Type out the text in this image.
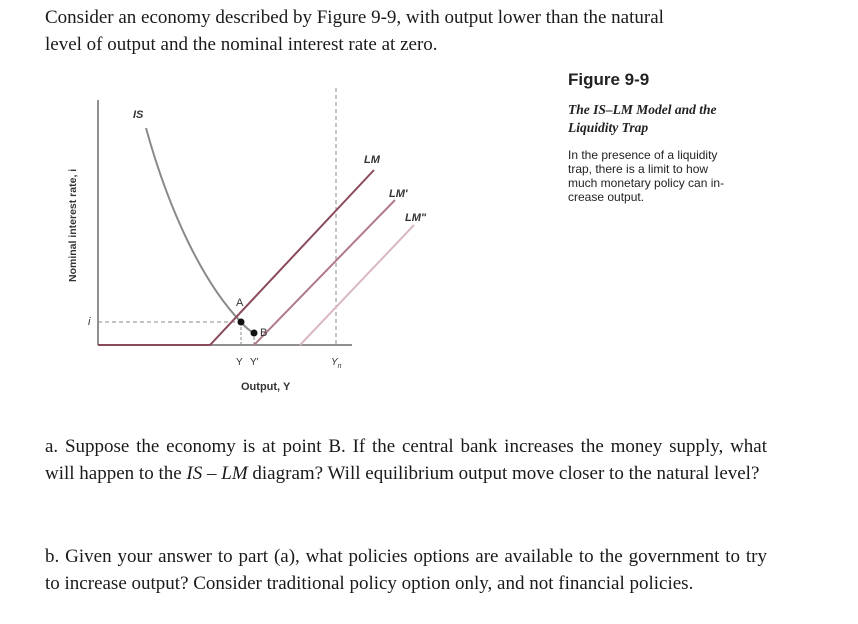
Consider an economy described by Figure 9-9, with output lower than the natural
level of output and the nominal interest rate at zero.
IS
LM
LM'
LM"
A
B
i
Y Y'	$Y_n$
Output, Y
Nominal interest rate, i
Figure 9-9
The IS–LM Model and the
Liquidity Trap
In the presence of a liquidity
trap, there is a limit to how
much monetary policy can in-
crease output.

a. Suppose the economy is at point B. If the central bank increases the money supply, what will happen to the IS – LM diagram? Will equilibrium output move closer to the natural level?

b. Given your answer to part (a), what policies options are available to the government to try to increase output? Consider traditional policy option only, and not financial policies.
